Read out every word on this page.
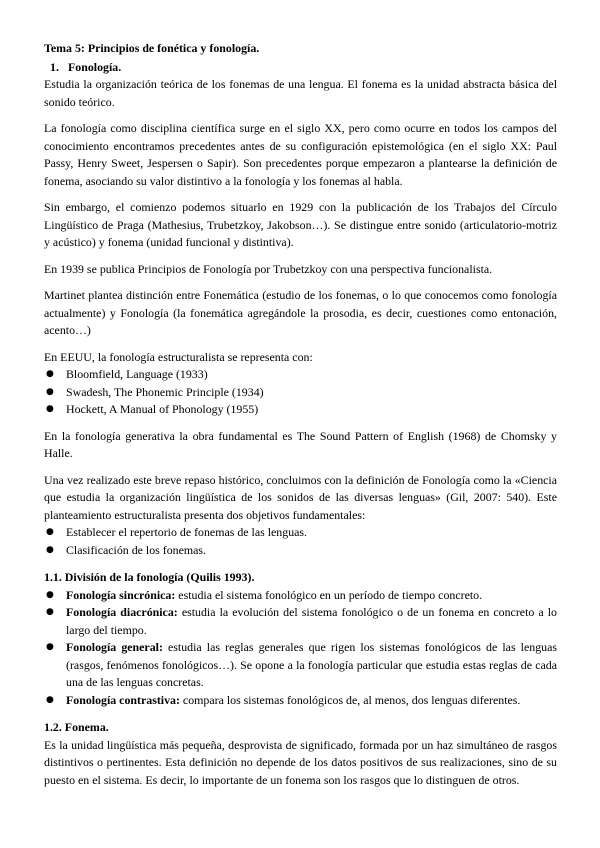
Tema 5: Principios de fonética y fonología.

1. Fonología.

Estudia la organización teórica de los fonemas de una lengua. El fonema es la unidad abstracta básica del sonido teórico.

La fonología como disciplina científica surge en el siglo XX, pero como ocurre en todos los campos del conocimiento encontramos precedentes antes de su configuración epistemológica (en el siglo XX: Paul Passy, Henry Sweet, Jespersen o Sapir). Son precedentes porque empezaron a plantearse la definición de fonema, asociando su valor distintivo a la fonología y los fonemas al habla.

Sin embargo, el comienzo podemos situarlo en 1929 con la publicación de los Trabajos del Círculo Lingüístico de Praga (Mathesius, Trubetzkoy, Jakobson…). Se distingue entre sonido (articulatorio-motriz y acústico) y fonema (unidad funcional y distintiva).

En 1939 se publica Principios de Fonología por Trubetzkoy con una perspectiva funcionalista.

Martinet plantea distinción entre Fonemática (estudio de los fonemas, o lo que conocemos como fonología actualmente) y Fonología (la fonemática agregándole la prosodia, es decir, cuestiones como entonación, acento…)

En EEUU, la fonología estructuralista se representa con:

● Bloomfield, Language (1933)
● Swadesh, The Phonemic Principle (1934)
● Hockett, A Manual of Phonology (1955)

En la fonología generativa la obra fundamental es The Sound Pattern of English (1968) de Chomsky y Halle.

Una vez realizado este breve repaso histórico, concluimos con la definición de Fonología como la «Ciencia que estudia la organización lingüística de los sonidos de las diversas lenguas» (Gil, 2007: 540). Este planteamiento estructuralista presenta dos objetivos fundamentales:

● Establecer el repertorio de fonemas de las lenguas.
● Clasificación de los fonemas.

1.1. División de la fonología (Quilis 1993).

● Fonología sincrónica: estudia el sistema fonológico en un período de tiempo concreto.
● Fonología diacrónica: estudia la evolución del sistema fonológico o de un fonema en concreto a lo largo del tiempo.
● Fonología general: estudia las reglas generales que rigen los sistemas fonológicos de las lenguas (rasgos, fenómenos fonológicos…). Se opone a la fonología particular que estudia estas reglas de cada una de las lenguas concretas.
● Fonología contrastiva: compara los sistemas fonológicos de, al menos, dos lenguas diferentes.

1.2. Fonema.

Es la unidad lingüística más pequeña, desprovista de significado, formada por un haz simultáneo de rasgos distintivos o pertinentes. Esta definición no depende de los datos positivos de sus realizaciones, sino de su puesto en el sistema. Es decir, lo importante de un fonema son los rasgos que lo distinguen de otros.
